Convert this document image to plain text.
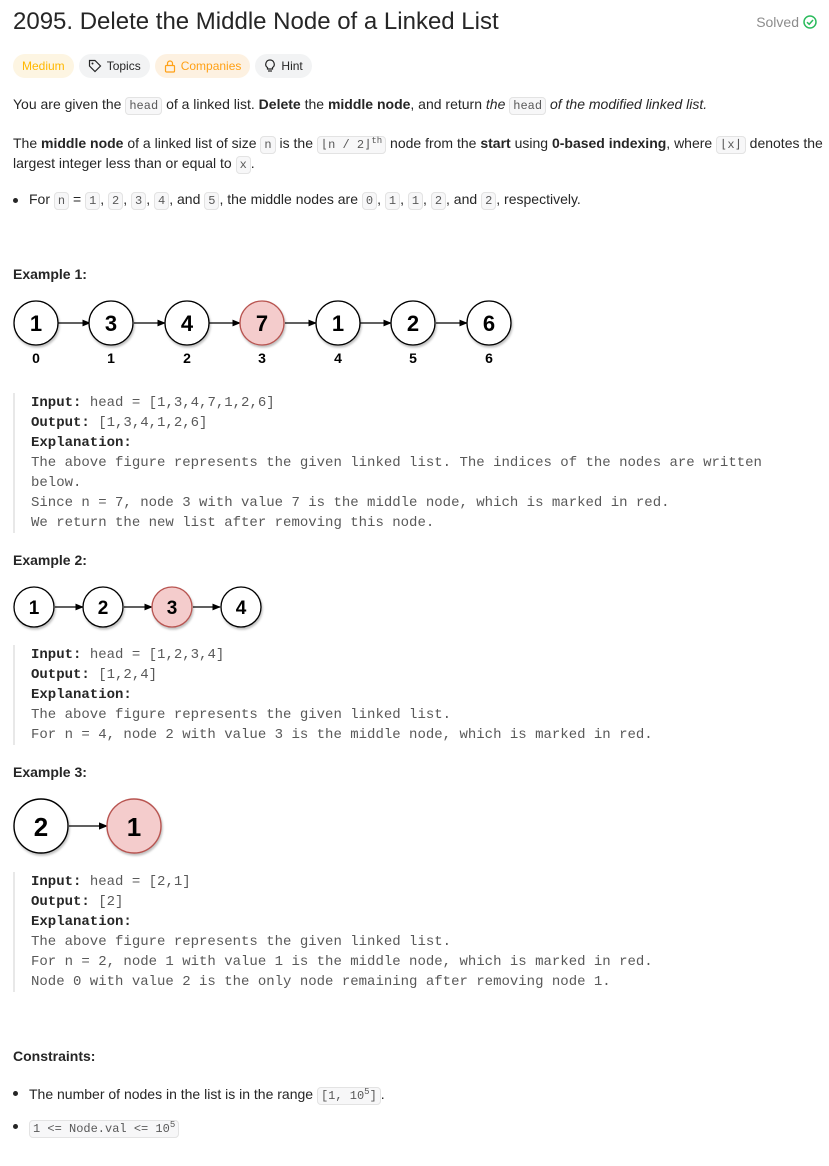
2095. Delete the Middle Node of a Linked List	Solved
Medium	Topics	Companies	Hint
You are given the head of a linked list. Delete the middle node, and return the head of the modified linked list.
The middle node of a linked list of size n is the ⌊n / 2⌋$^{th}$ node from the start using 0-based indexing, where ⌊x⌋ denotes the
largest integer less than or equal to x .
For n = 1 , 2 , 3 , 4 , and 5 , the middle nodes are 0 , 1 , 1 , 2 , and 2 , respectively.
Example 1:
1
0
3
1
4
2
7
3
1
4
2
5
6
6
Input: head = [1,3,4,7,1,2,6]
Output: [1,3,4,1,2,6]
Explanation:
The above figure represents the given linked list. The indices of the nodes are written
below.
Since n = 7, node 3 with value 7 is the middle node, which is marked in red.
We return the new list after removing this node.
Example 2:
1	2	3	4
Input: head = [1,2,3,4]
Output: [1,2,4]
Explanation:
The above figure represents the given linked list.
For n = 4, node 2 with value 3 is the middle node, which is marked in red.
Example 3:
2	1
Input: head = [2,1]
Output: [2]
Explanation:
The above figure represents the given linked list.
For n = 2, node 1 with value 1 is the middle node, which is marked in red.
Node 0 with value 2 is the only node remaining after removing node 1.
Constraints:
The number of nodes in the list is in the range [1, $10^5$] .
1 <= Node.val <= $10^5$
